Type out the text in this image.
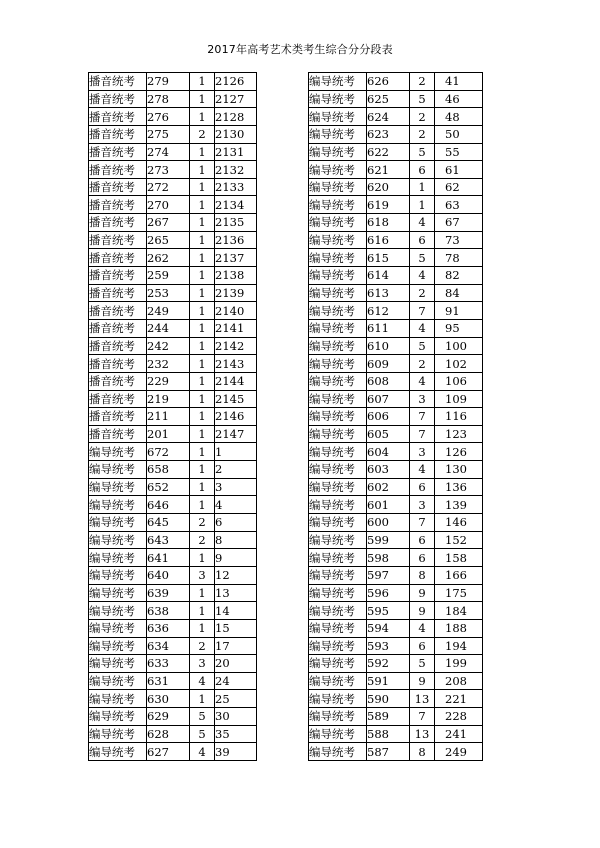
2017年高考艺术类考生综合分分段表
播音统考	279	1	2126
播音统考	278	1	2127
播音统考	276	1	2128
播音统考	275	2	2130
播音统考	274	1	2131
播音统考	273	1	2132
播音统考	272	1	2133
播音统考	270	1	2134
播音统考	267	1	2135
播音统考	265	1	2136
播音统考	262	1	2137
播音统考	259	1	2138
播音统考	253	1	2139
播音统考	249	1	2140
播音统考	244	1	2141
播音统考	242	1	2142
播音统考	232	1	2143
播音统考	229	1	2144
播音统考	219	1	2145
播音统考	211	1	2146
播音统考	201	1	2147
编导统考	672	1	1
编导统考	658	1	2
编导统考	652	1	3
编导统考	646	1	4
编导统考	645	2	6
编导统考	643	2	8
编导统考	641	1	9
编导统考	640	3	12
编导统考	639	1	13
编导统考	638	1	14
编导统考	636	1	15
编导统考	634	2	17
编导统考	633	3	20
编导统考	631	4	24
编导统考	630	1	25
编导统考	629	5	30
编导统考	628	5	35
编导统考	627	4	39
编导统考	626	2	41
编导统考	625	5	46
编导统考	624	2	48
编导统考	623	2	50
编导统考	622	5	55
编导统考	621	6	61
编导统考	620	1	62
编导统考	619	1	63
编导统考	618	4	67
编导统考	616	6	73
编导统考	615	5	78
编导统考	614	4	82
编导统考	613	2	84
编导统考	612	7	91
编导统考	611	4	95
编导统考	610	5	100
编导统考	609	2	102
编导统考	608	4	106
编导统考	607	3	109
编导统考	606	7	116
编导统考	605	7	123
编导统考	604	3	126
编导统考	603	4	130
编导统考	602	6	136
编导统考	601	3	139
编导统考	600	7	146
编导统考	599	6	152
编导统考	598	6	158
编导统考	597	8	166
编导统考	596	9	175
编导统考	595	9	184
编导统考	594	4	188
编导统考	593	6	194
编导统考	592	5	199
编导统考	591	9	208
编导统考	590	13	221
编导统考	589	7	228
编导统考	588	13	241
编导统考	587	8	249
